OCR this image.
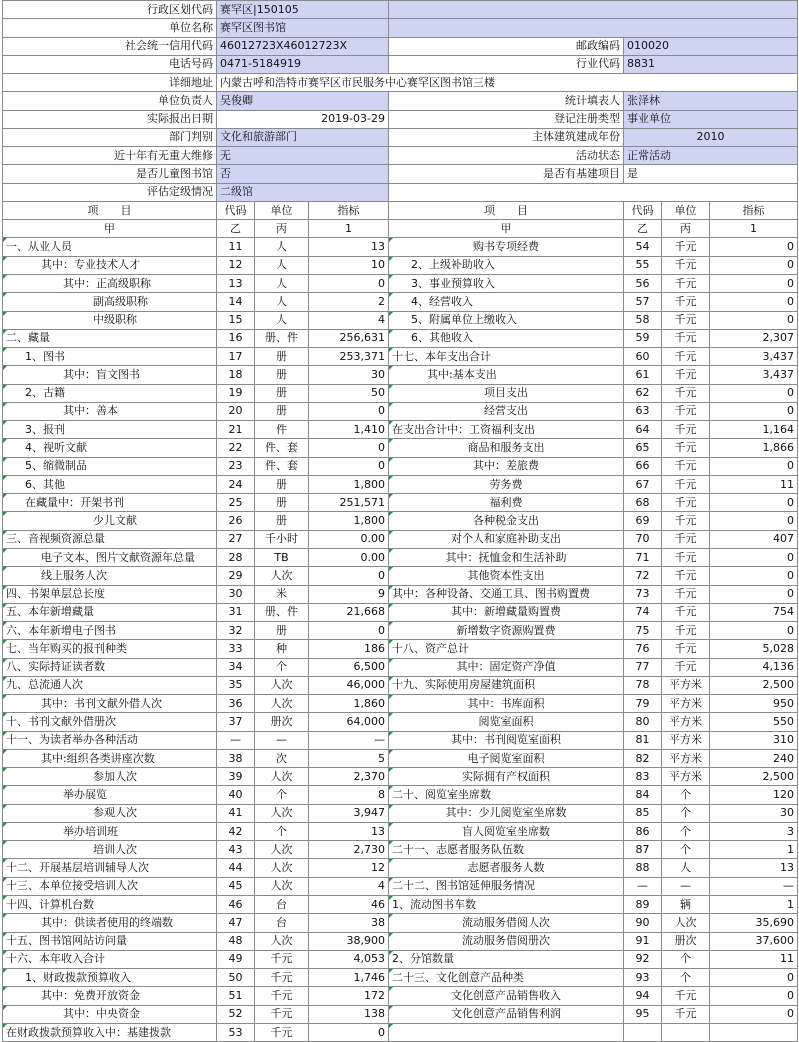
行政区划代码	赛罕区|150105						
单位名称	赛罕区图书馆						
社会统一信用代码	46012723X46012723X			邮政编码	010020		
电话号码	0471-5184919			行业代码	8831		
详细地址	内蒙古呼和浩特市赛罕区市民服务中心赛罕区图书馆三楼						
单位负责人	吴俊卿			统计填表人	张泽林		
实际报出日期	2019-03-29			登记注册类型	事业单位		
部门判别	文化和旅游部门			主体建筑建成年份	2010		
近十年有无重大维修	无			活动状态	正常活动		
是否儿童图书馆	否			是否有基建项目	是		
评估定级情况	二级馆						
项　　目	代码	单位	指标	项　　目	代码	单位	指标
甲	乙	丙	1	甲	乙	丙	1
一、从业人员	11	人	13	购书专项经费	54	千元	0
其中：专业技术人才	12	人	10	2、上级补助收入	55	千元	0
其中：正高级职称	13	人	0	3、事业预算收入	56	千元	0
副高级职称	14	人	2	4、经营收入	57	千元	0
中级职称	15	人	4	5、附属单位上缴收入	58	千元	0
二、藏量	16	册、件	256,631	6、其他收入	59	千元	2,307
1、图书	17	册	253,371	十七、本年支出合计	60	千元	3,437
其中：盲文图书	18	册	30	其中:基本支出	61	千元	3,437
2、古籍	19	册	50	项目支出	62	千元	0
其中：善本	20	册	0	经营支出	63	千元	0
3、报刊	21	件	1,410	在支出合计中：工资福利支出	64	千元	1,164
4、视听文献	22	件、套	0	商品和服务支出	65	千元	1,866
5、缩微制品	23	件、套	0	其中：差旅费	66	千元	0
6、其他	24	册	1,800	劳务费	67	千元	11
在藏量中：开架书刊	25	册	251,571	福利费	68	千元	0
少儿文献	26	册	1,800	各种税金支出	69	千元	0
三、音视频资源总量	27	千小时	0.00	对个人和家庭补助支出	70	千元	407
电子文本、图片文献资源年总量	28	TB	0.00	其中：抚恤金和生活补助	71	千元	0
线上服务人次	29	人次	0	其他资本性支出	72	千元	0
四、书架单层总长度	30	米	9	其中：各种设备、交通工具、图书购置费	73	千元	0
五、本年新增藏量	31	册、件	21,668	其中：新增藏量购置费	74	千元	754
六、本年新增电子图书	32	册	0	新增数字资源购置费	75	千元	0
七、当年购买的报刊种类	33	种	186	十八、资产总计	76	千元	5,028
八、实际持证读者数	34	个	6,500	其中：固定资产净值	77	千元	4,136
九、总流通人次	35	人次	46,000	十九、实际使用房屋建筑面积	78	平方米	2,500
其中：书刊文献外借人次	36	人次	1,860	其中：书库面积	79	平方米	950
十、书刊文献外借册次	37	册次	64,000	阅览室面积	80	平方米	550
十一、为读者举办各种活动	—	—	—	其中：书刊阅览室面积	81	平方米	310
其中:组织各类讲座次数	38	次	5	电子阅览室面积	82	平方米	240
参加人次	39	人次	2,370	实际拥有产权面积	83	平方米	2,500
举办展览	40	个	8	二十、阅览室坐席数	84	个	120
参观人次	41	人次	3,947	其中：少儿阅览室坐席数	85	个	30
举办培训班	42	个	13	盲人阅览室坐席数	86	个	3
培训人次	43	人次	2,730	二十一、志愿者服务队伍数	87	个	1
十二、开展基层培训辅导人次	44	人次	12	志愿者服务人数	88	人	13
十三、本单位接受培训人次	45	人次	4	二十二、图书馆延伸服务情况	—	—	—
十四、计算机台数	46	台	46	1、流动图书车数	89	辆	1
其中：供读者使用的终端数	47	台	38	流动服务借阅人次	90	人次	35,690
十五、图书馆网站访问量	48	人次	38,900	流动服务借阅册次	91	册次	37,600
十六、本年收入合计	49	千元	4,053	2、分馆数量	92	个	11
1、财政拨款预算收入	50	千元	1,746	二十三、文化创意产品种类	93	个	0
其中：免费开放资金	51	千元	172	文化创意产品销售收入	94	千元	0
其中：中央资金	52	千元	138	文化创意产品销售利润	95	千元	0
在财政拨款预算收入中：基建拨款	53	千元	0				
